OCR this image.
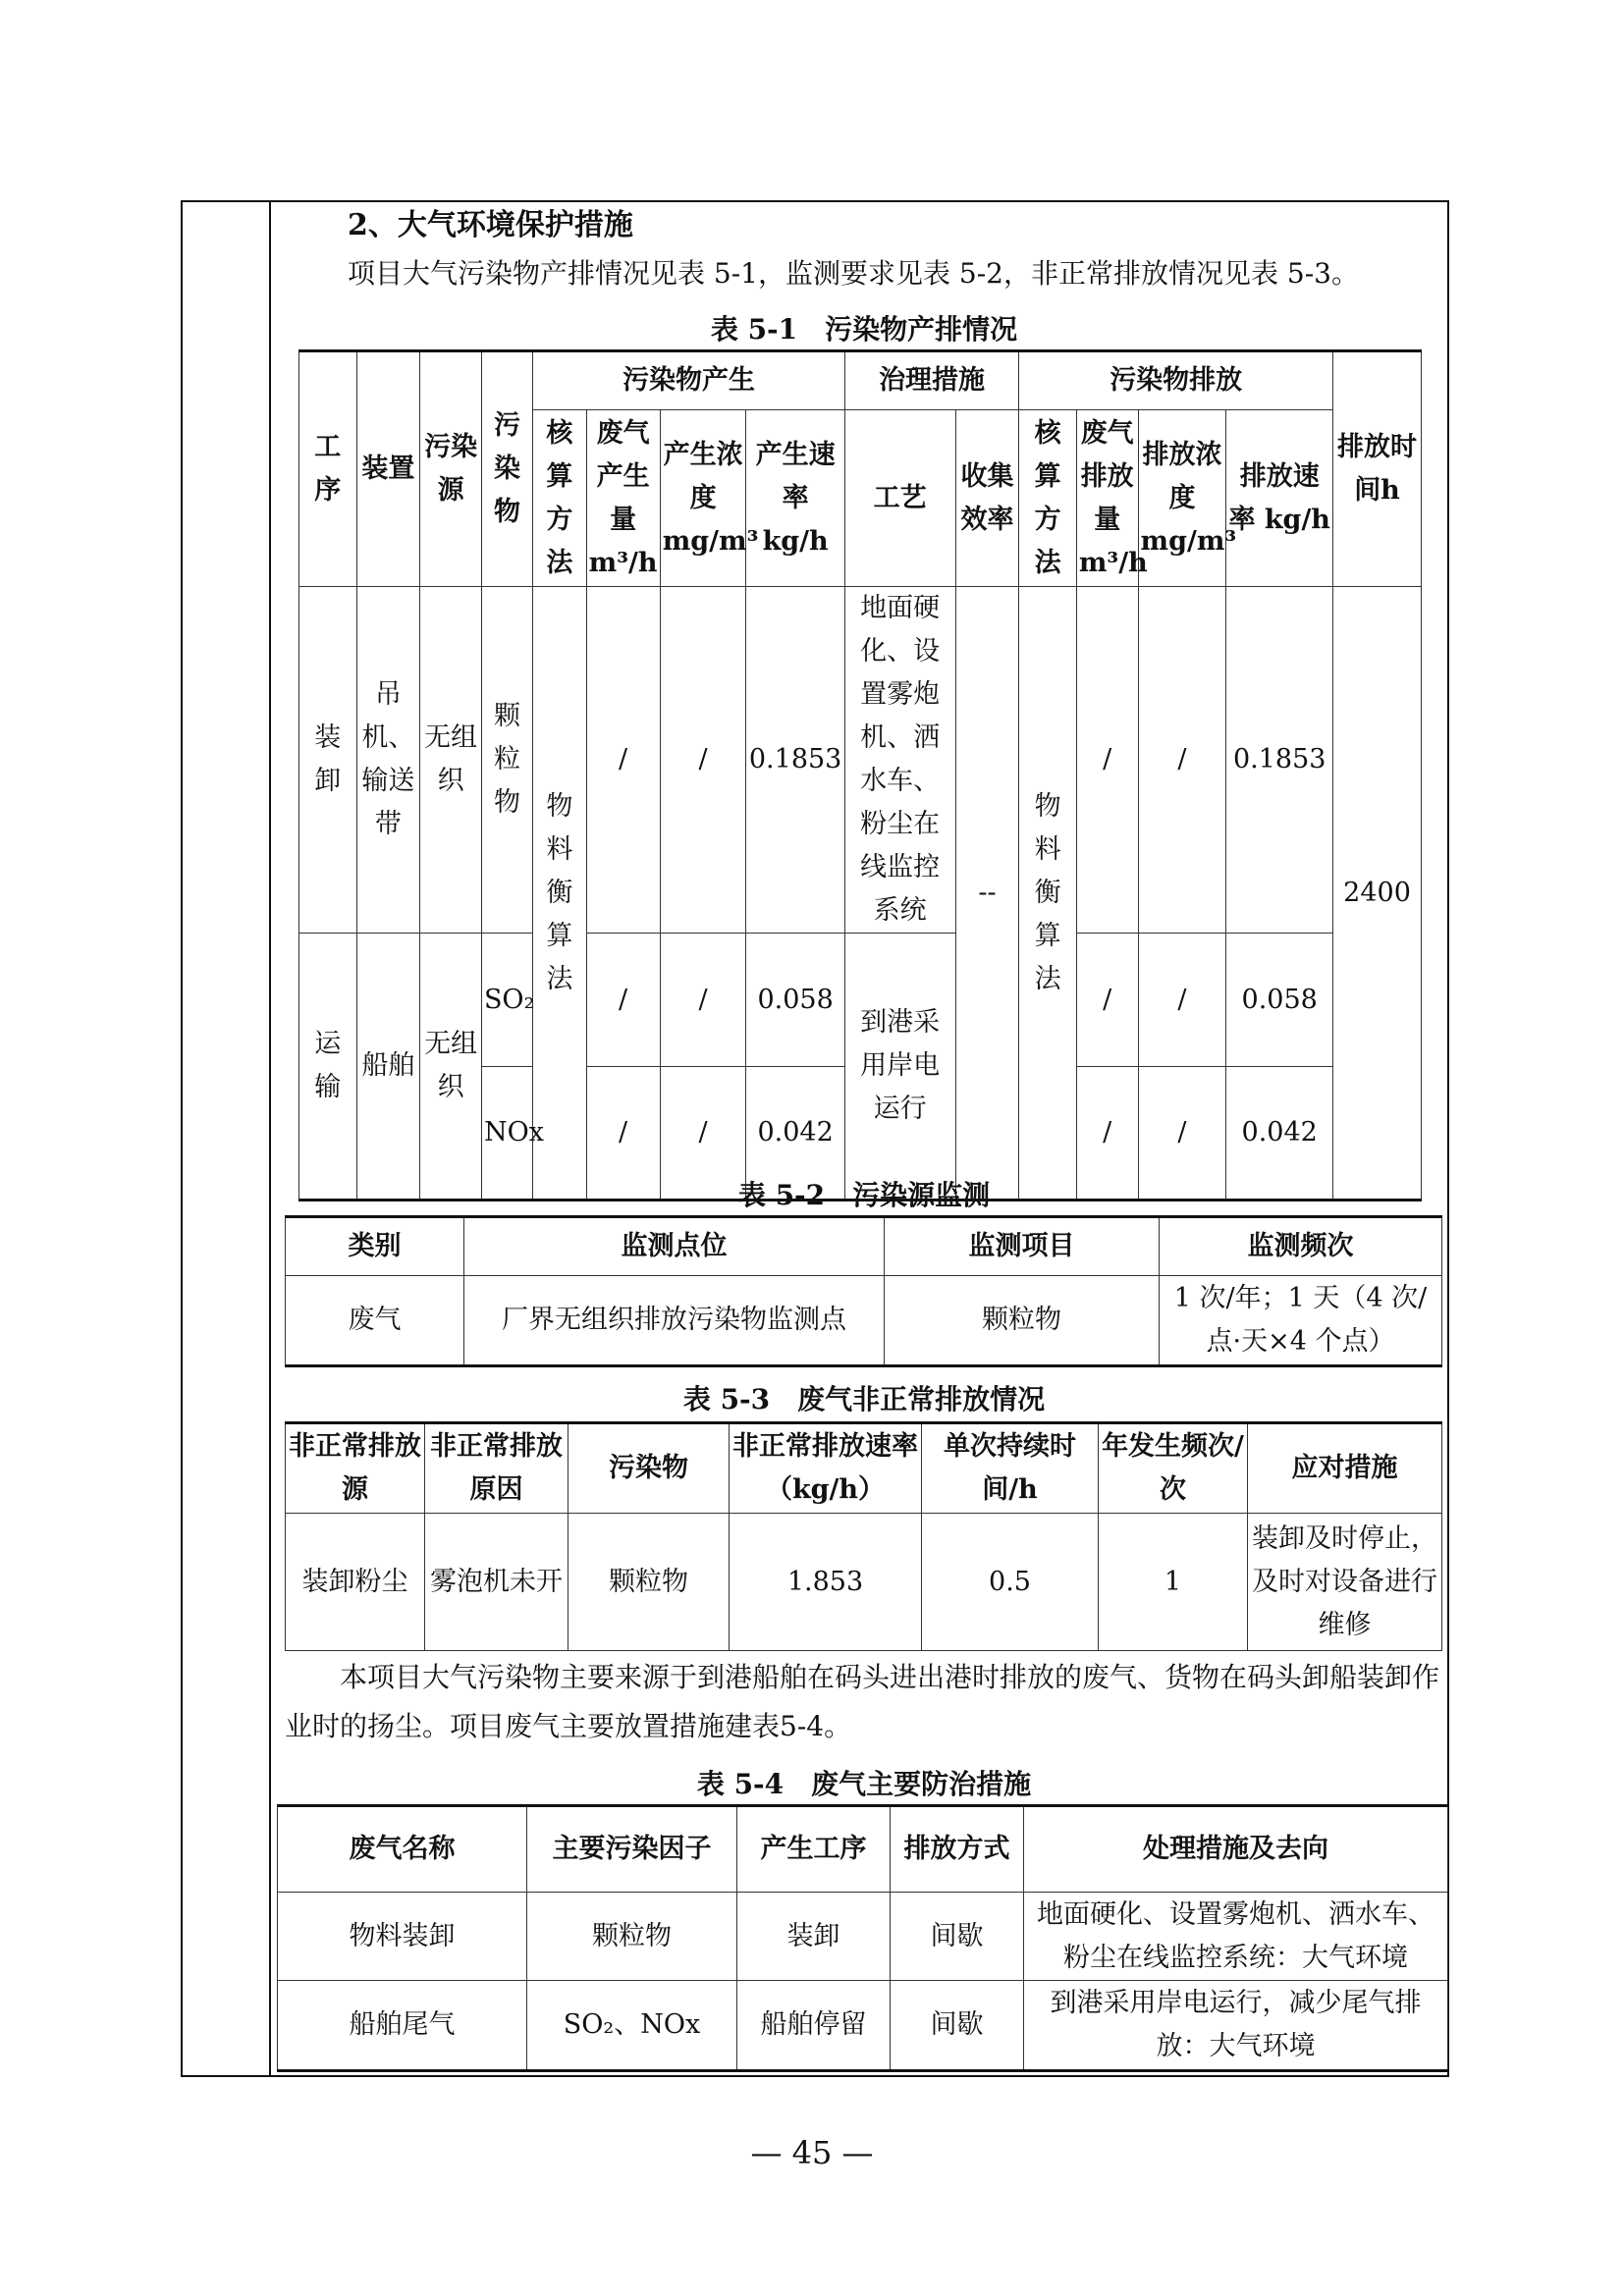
2、大气环境保护措施
项目大气污染物产排情况见表 5-1，监测要求见表 5-2，非正常排放情况见表 5-3。
表 5-1　污染物产排情况
工序	装置	污染源	污染物	污染物产生				治理措施		污染物排放				排放时间h
				核算方法	废气产生量m³/h	产生浓度mg/m³	产生速率 kg/h	工艺	收集效率	核算方法	废气排放量m³/h	排放浓度mg/m³	排放速率 kg/h	
装卸	吊机、输送带	无组织	颗粒物	物料衡算法	/	/	0.1853	地面硬化、设置雾炮机、洒水车、粉尘在线监控系统	--	物料衡算法	/	/	0.1853	2400
运输	船舶	无组织	SO₂		/	/	0.058	到港采用岸电运行			/	/	0.058	
			NOx		/	/	0.042				/	/	0.042	
表 5-2　污染源监测
类别	监测点位	监测项目	监测频次
废气	厂界无组织排放污染物监测点	颗粒物	1 次/年；1 天（4 次/点·天×4 个点）
表 5-3　废气非正常排放情况
非正常排放源	非正常排放原因	污染物	非正常排放速率（kg/h）	单次持续时间/h	年发生频次/次	应对措施
装卸粉尘	雾泡机未开	颗粒物	1.853	0.5	1	装卸及时停止，及时对设备进行维修
本项目大气污染物主要来源于到港船舶在码头进出港时排放的废气、货物在码头卸船装卸作业时的扬尘。项目废气主要放置措施建表5-4。
表 5-4　废气主要防治措施
废气名称	主要污染因子	产生工序	排放方式	处理措施及去向
物料装卸	颗粒物	装卸	间歇	地面硬化、设置雾炮机、洒水车、粉尘在线监控系统：大气环境
船舶尾气	SO₂、NOx	船舶停留	间歇	到港采用岸电运行，减少尾气排放：大气环境
— 45 —
